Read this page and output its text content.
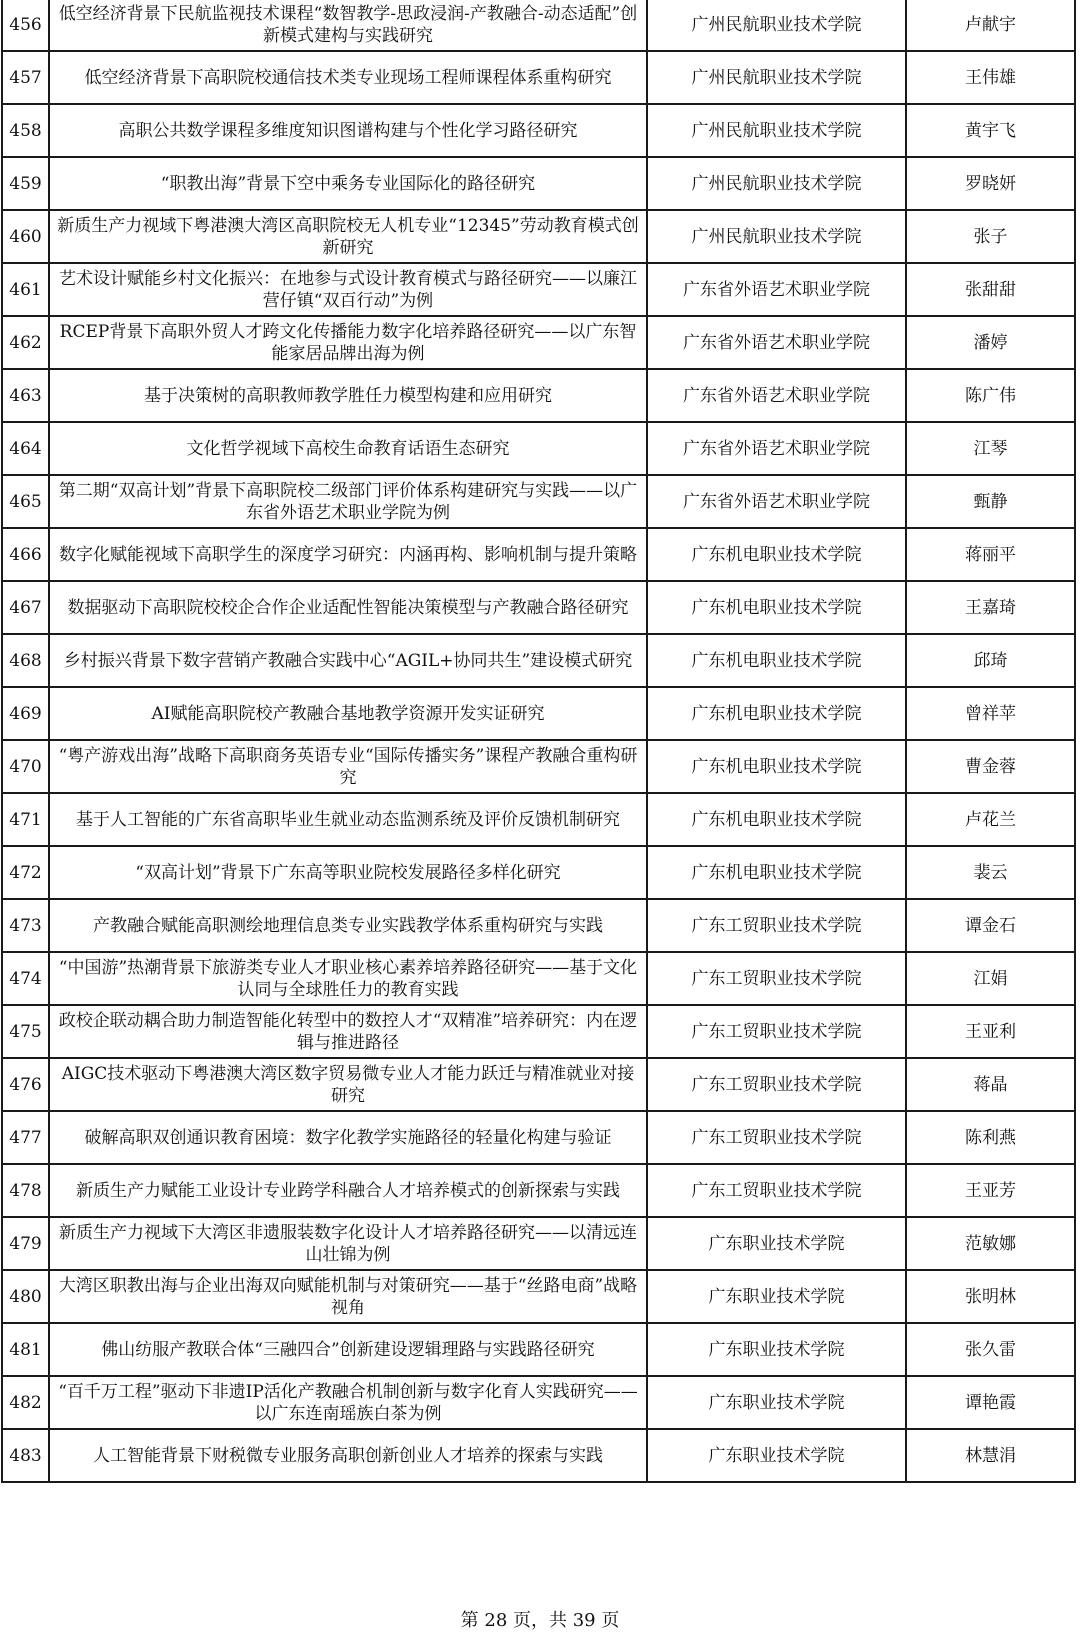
456	低空经济背景下民航监视技术课程“数智教学-思政浸润-产教融合-动态适配”创新模式建构与实践研究	广州民航职业技术学院	卢献宇
457	低空经济背景下高职院校通信技术类专业现场工程师课程体系重构研究	广州民航职业技术学院	王伟雄
458	高职公共数学课程多维度知识图谱构建与个性化学习路径研究	广州民航职业技术学院	黄宇飞
459	“职教出海”背景下空中乘务专业国际化的路径研究	广州民航职业技术学院	罗晓妍
460	新质生产力视域下粤港澳大湾区高职院校无人机专业“12345”劳动教育模式创新研究	广州民航职业技术学院	张子
461	艺术设计赋能乡村文化振兴：在地参与式设计教育模式与路径研究——以廉江营仔镇“双百行动”为例	广东省外语艺术职业学院	张甜甜
462	RCEP背景下高职外贸人才跨文化传播能力数字化培养路径研究——以广东智能家居品牌出海为例	广东省外语艺术职业学院	潘婷
463	基于决策树的高职教师教学胜任力模型构建和应用研究	广东省外语艺术职业学院	陈广伟
464	文化哲学视域下高校生命教育话语生态研究	广东省外语艺术职业学院	江琴
465	第二期“双高计划”背景下高职院校二级部门评价体系构建研究与实践——以广东省外语艺术职业学院为例	广东省外语艺术职业学院	甄静
466	数字化赋能视域下高职学生的深度学习研究：内涵再构、影响机制与提升策略	广东机电职业技术学院	蒋丽平
467	数据驱动下高职院校校企合作企业适配性智能决策模型与产教融合路径研究	广东机电职业技术学院	王嘉琦
468	乡村振兴背景下数字营销产教融合实践中心“AGIL+协同共生”建设模式研究	广东机电职业技术学院	邱琦
469	AI赋能高职院校产教融合基地教学资源开发实证研究	广东机电职业技术学院	曾祥苹
470	“粤产游戏出海”战略下高职商务英语专业“国际传播实务”课程产教融合重构研究	广东机电职业技术学院	曹金蓉
471	基于人工智能的广东省高职毕业生就业动态监测系统及评价反馈机制研究	广东机电职业技术学院	卢花兰
472	“双高计划”背景下广东高等职业院校发展路径多样化研究	广东机电职业技术学院	裴云
473	产教融合赋能高职测绘地理信息类专业实践教学体系重构研究与实践	广东工贸职业技术学院	谭金石
474	“中国游”热潮背景下旅游类专业人才职业核心素养培养路径研究——基于文化认同与全球胜任力的教育实践	广东工贸职业技术学院	江娟
475	政校企联动耦合助力制造智能化转型中的数控人才“双精准”培养研究：内在逻辑与推进路径	广东工贸职业技术学院	王亚利
476	AIGC技术驱动下粤港澳大湾区数字贸易微专业人才能力跃迁与精准就业对接研究	广东工贸职业技术学院	蒋晶
477	破解高职双创通识教育困境：数字化教学实施路径的轻量化构建与验证	广东工贸职业技术学院	陈利燕
478	新质生产力赋能工业设计专业跨学科融合人才培养模式的创新探索与实践	广东工贸职业技术学院	王亚芳
479	新质生产力视域下大湾区非遗服装数字化设计人才培养路径研究——以清远连山壮锦为例	广东职业技术学院	范敏娜
480	大湾区职教出海与企业出海双向赋能机制与对策研究——基于“丝路电商”战略视角	广东职业技术学院	张明林
481	佛山纺服产教联合体“三融四合”创新建设逻辑理路与实践路径研究	广东职业技术学院	张久雷
482	“百千万工程”驱动下非遗IP活化产教融合机制创新与数字化育人实践研究——以广东连南瑶族白茶为例	广东职业技术学院	谭艳霞
483	人工智能背景下财税微专业服务高职创新创业人才培养的探索与实践	广东职业技术学院	林慧涓
第 28 页，共 39 页
